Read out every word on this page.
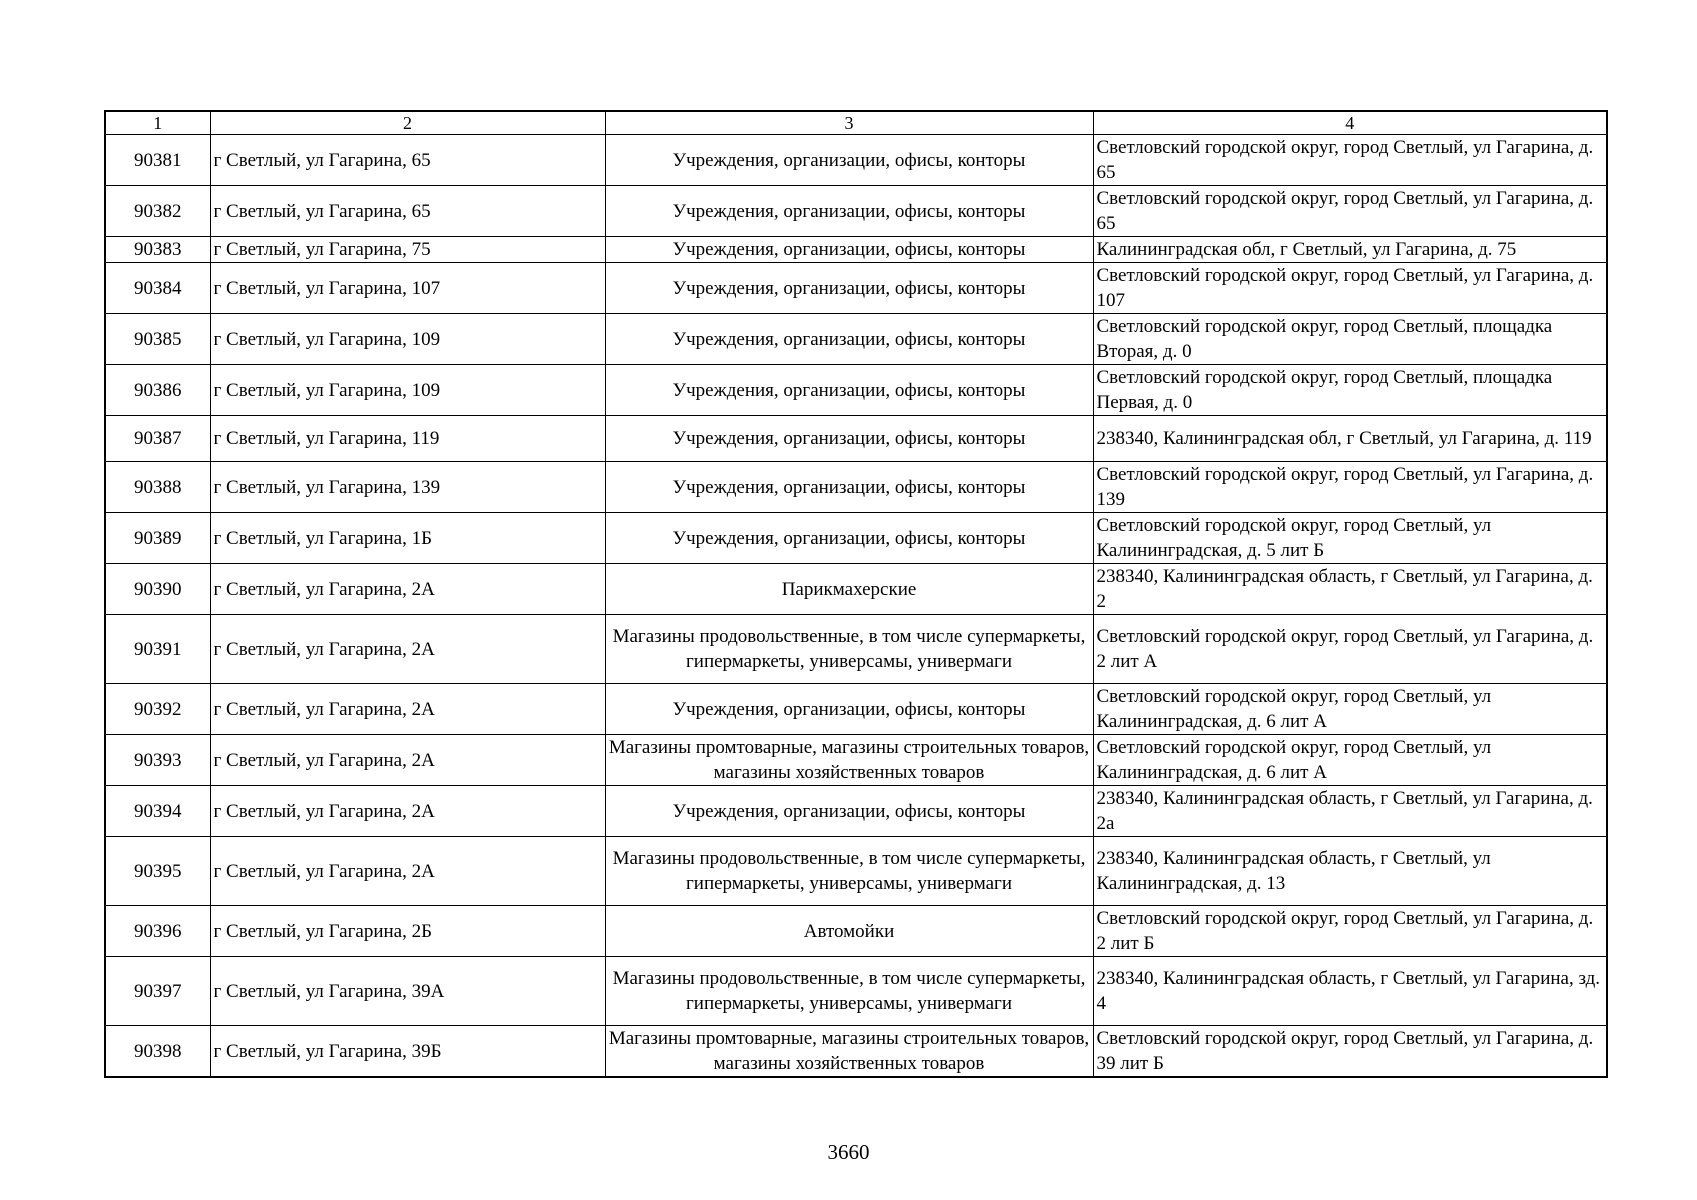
1	2	3	4
90381	г Светлый, ул Гагарина, 65	Учреждения, организации, офисы, конторы	Светловский городской округ, город Светлый, ул Гагарина, д. 65
90382	г Светлый, ул Гагарина, 65	Учреждения, организации, офисы, конторы	Светловский городской округ, город Светлый, ул Гагарина, д. 65
90383	г Светлый, ул Гагарина, 75	Учреждения, организации, офисы, конторы	Калининградская обл, г Светлый, ул Гагарина, д. 75
90384	г Светлый, ул Гагарина, 107	Учреждения, организации, офисы, конторы	Светловский городской округ, город Светлый, ул Гагарина, д. 107
90385	г Светлый, ул Гагарина, 109	Учреждения, организации, офисы, конторы	Светловский городской округ, город Светлый, площадка Вторая, д. 0
90386	г Светлый, ул Гагарина, 109	Учреждения, организации, офисы, конторы	Светловский городской округ, город Светлый, площадка Первая, д. 0
90387	г Светлый, ул Гагарина, 119	Учреждения, организации, офисы, конторы	238340, Калининградская обл, г Светлый, ул Гагарина, д. 119
90388	г Светлый, ул Гагарина, 139	Учреждения, организации, офисы, конторы	Светловский городской округ, город Светлый, ул Гагарина, д. 139
90389	г Светлый, ул Гагарина, 1Б	Учреждения, организации, офисы, конторы	Светловский городской округ, город Светлый, ул Калининградская, д. 5 лит Б
90390	г Светлый, ул Гагарина, 2А	Парикмахерские	238340, Калининградская область, г Светлый, ул Гагарина, д. 2
90391	г Светлый, ул Гагарина, 2А	Магазины продовольственные, в том числе супермаркеты, гипермаркеты, универсамы, универмаги	Светловский городской округ, город Светлый, ул Гагарина, д. 2 лит А
90392	г Светлый, ул Гагарина, 2А	Учреждения, организации, офисы, конторы	Светловский городской округ, город Светлый, ул Калининградская, д. 6 лит А
90393	г Светлый, ул Гагарина, 2А	Магазины промтоварные, магазины строительных товаров, магазины хозяйственных товаров	Светловский городской округ, город Светлый, ул Калининградская, д. 6 лит А
90394	г Светлый, ул Гагарина, 2А	Учреждения, организации, офисы, конторы	238340, Калининградская область, г Светлый, ул Гагарина, д. 2а
90395	г Светлый, ул Гагарина, 2А	Магазины продовольственные, в том числе супермаркеты, гипермаркеты, универсамы, универмаги	238340, Калининградская область, г Светлый, ул Калининградская, д. 13
90396	г Светлый, ул Гагарина, 2Б	Автомойки	Светловский городской округ, город Светлый, ул Гагарина, д. 2 лит Б
90397	г Светлый, ул Гагарина, 39А	Магазины продовольственные, в том числе супермаркеты, гипермаркеты, универсамы, универмаги	238340, Калининградская область, г Светлый, ул Гагарина, зд. 4
90398	г Светлый, ул Гагарина, 39Б	Магазины промтоварные, магазины строительных товаров, магазины хозяйственных товаров	Светловский городской округ, город Светлый, ул Гагарина, д. 39 лит Б
3660
